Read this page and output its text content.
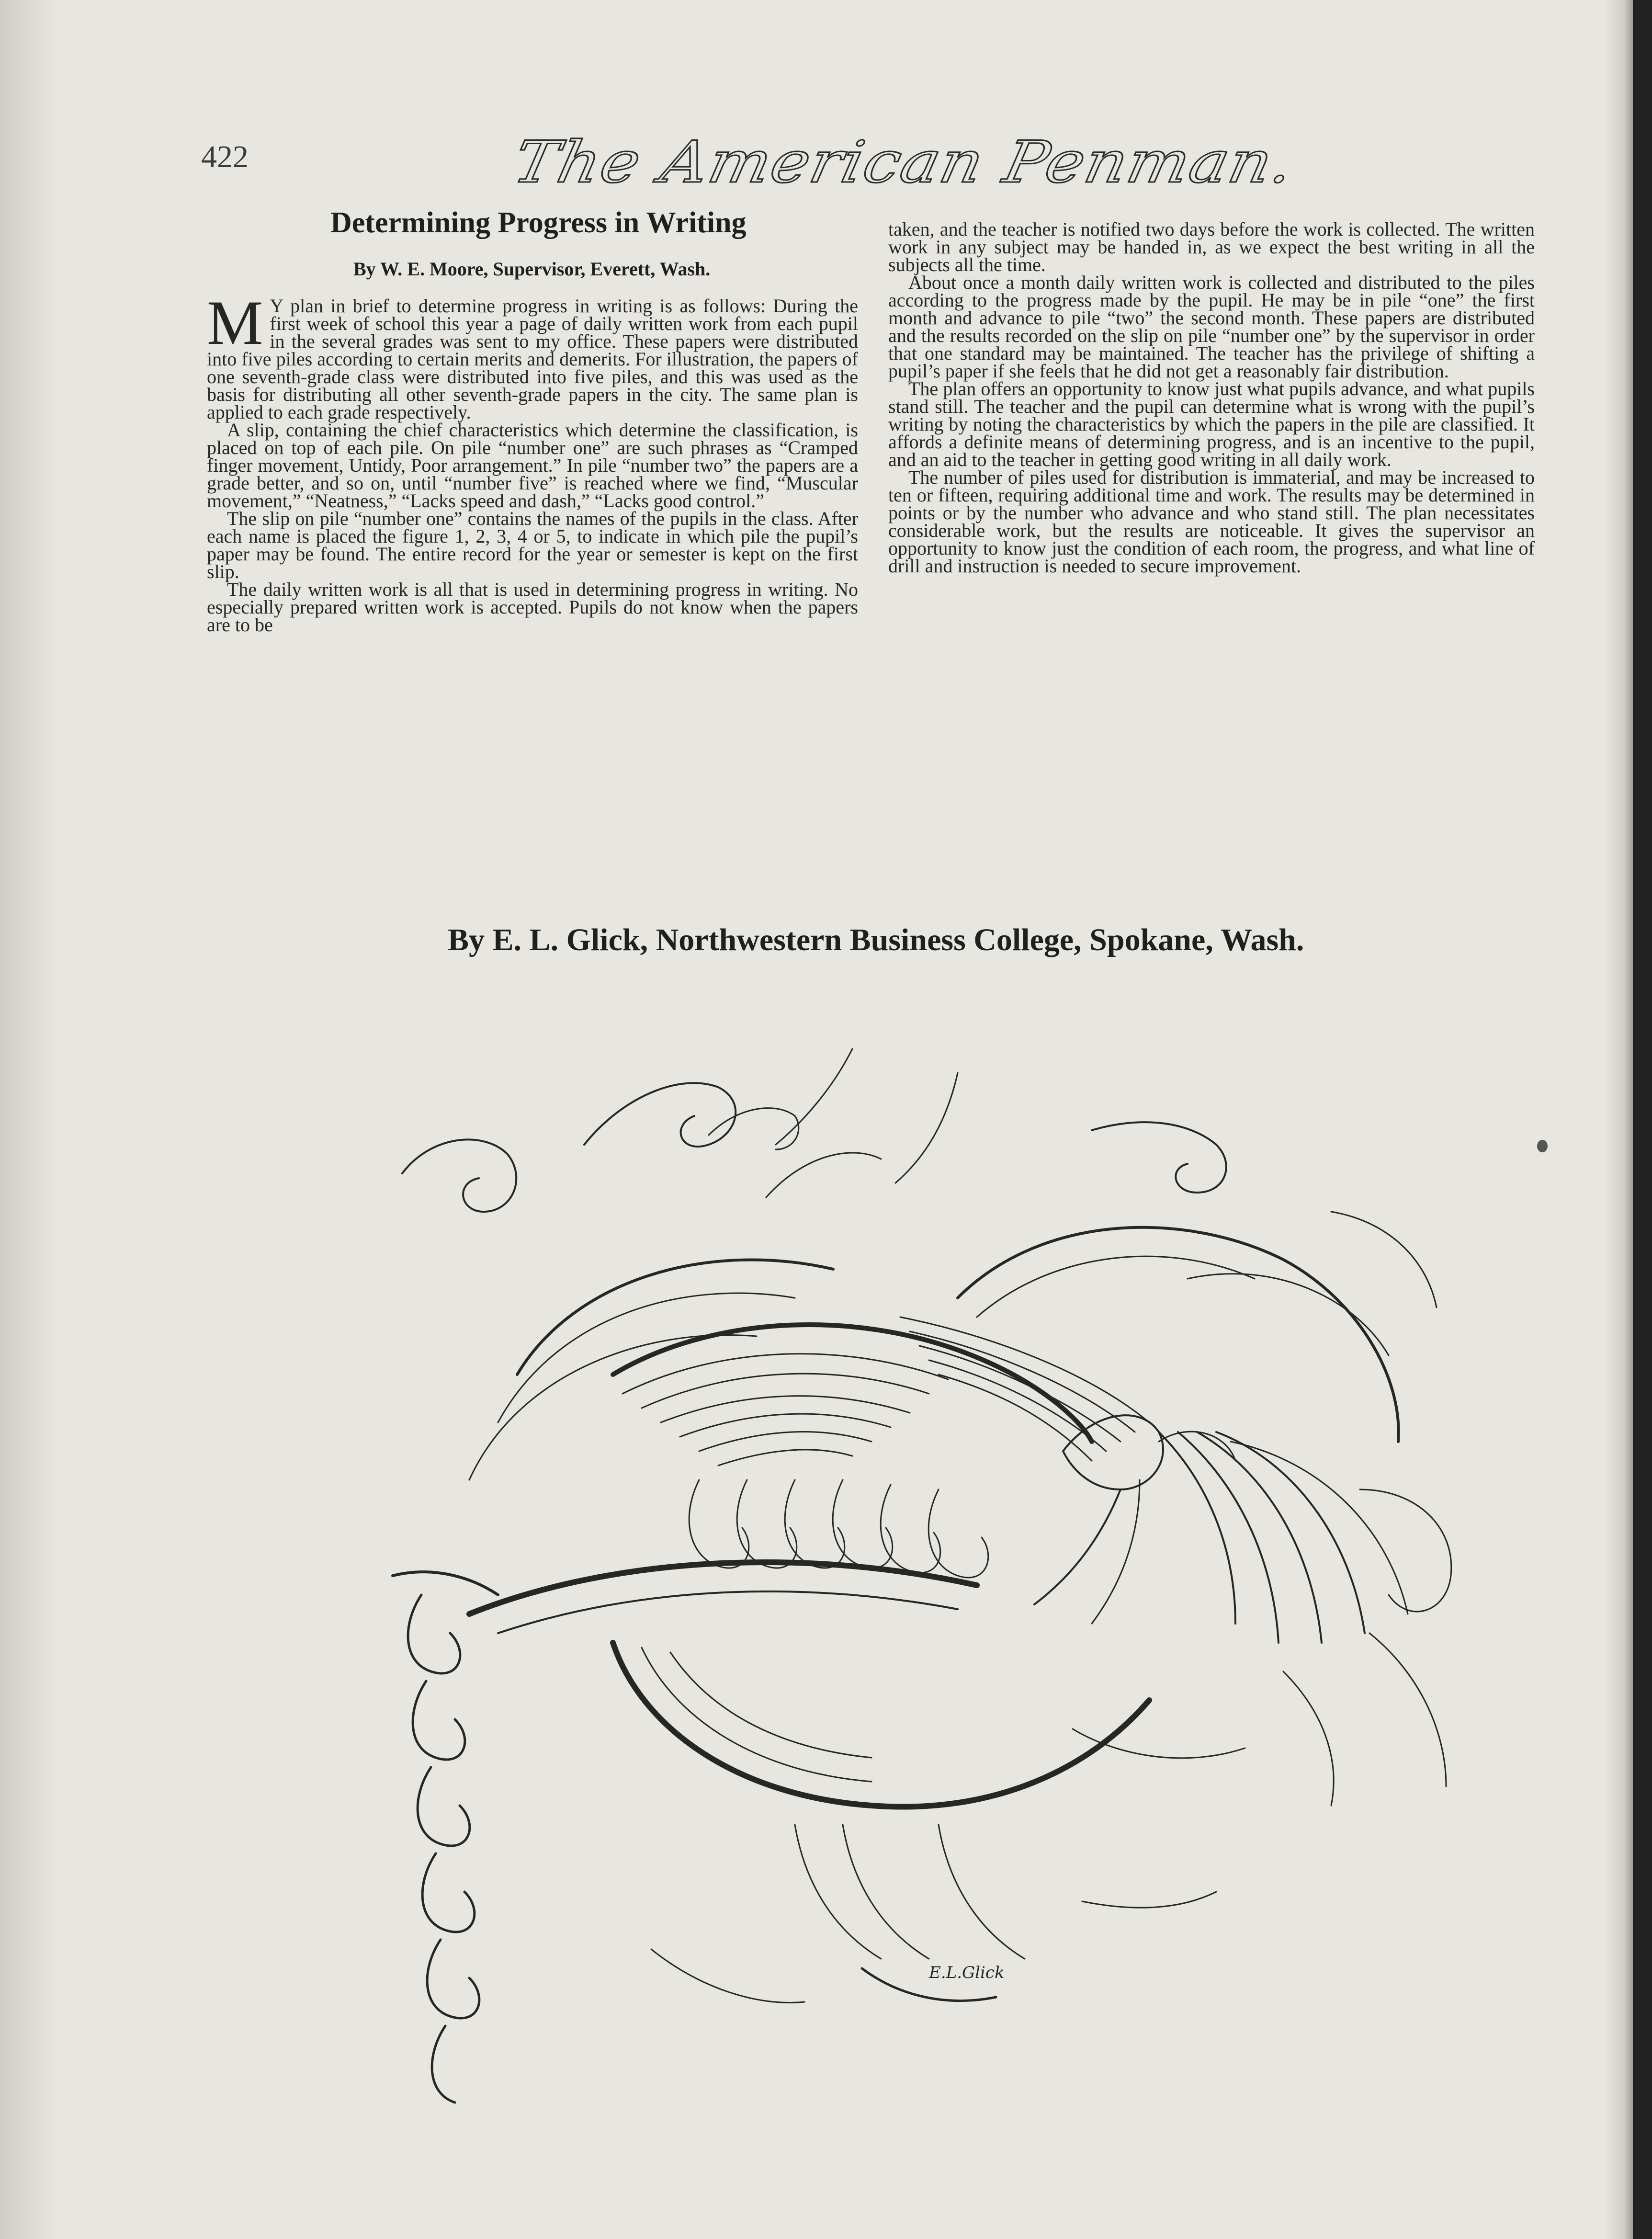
422	The American Penman.
Determining Progress in Writing
By W. E. Moore, Supervisor, Everett, Wash.

M Y plan in brief to determine progress in writing is as follows: During the first week of school this year a page of daily written work from each pupil in the several grades was sent to my office. These papers were distributed into five piles according to certain merits and demerits. For illustration, the papers of one seventh-grade class were distributed into five piles, and this was used as the basis for distributing all other seventh-grade papers in the city. The same plan is applied to each grade respectively.

A slip, containing the chief characteristics which determine the classification, is placed on top of each pile. On pile “number one” are such phrases as “Cramped finger movement, Untidy, Poor arrangement.” In pile “number two” the papers are a grade better, and so on, until “number five” is reached where we find, “Muscular movement,” “Neatness,” “Lacks speed and dash,” “Lacks good control.”

The slip on pile “number one” contains the names of the pupils in the class. After each name is placed the figure 1, 2, 3, 4 or 5, to indicate in which pile the pupil’s paper may be found. The entire record for the year or semester is kept on the first slip.

The daily written work is all that is used in determining progress in writing. No especially prepared written work is accepted. Pupils do not know when the papers are to be

taken, and the teacher is notified two days before the work is collected. The written work in any subject may be handed in, as we expect the best writing in all the subjects all the time.

About once a month daily written work is collected and distributed to the piles according to the progress made by the pupil. He may be in pile “one” the first month and advance to pile “two” the second month. These papers are distributed and the results recorded on the slip on pile “number one” by the supervisor in order that one standard may be maintained. The teacher has the privilege of shifting a pupil’s paper if she feels that he did not get a reasonably fair distribution.

The plan offers an opportunity to know just what pupils advance, and what pupils stand still. The teacher and the pupil can determine what is wrong with the pupil’s writing by noting the characteristics by which the papers in the pile are classified. It affords a definite means of determining progress, and is an incentive to the pupil, and an aid to the teacher in getting good writing in all daily work.

The number of piles used for distribution is immaterial, and may be increased to ten or fifteen, requiring additional time and work. The results may be determined in points or by the number who advance and who stand still. The plan necessitates considerable work, but the results are noticeable. It gives the supervisor an opportunity to know just the condition of each room, the progress, and what line of drill and instruction is needed to secure improvement.

By E. L. Glick, Northwestern Business College, Spokane, Wash.
E.L.Glick
